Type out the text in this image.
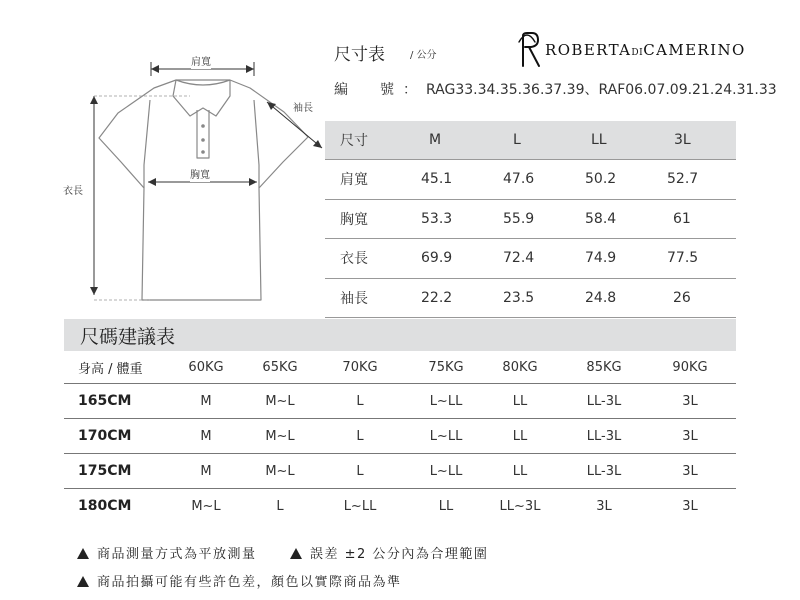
肩寬
袖長
胸寬
衣長
尺寸表	/ 公分
編　號：RAG33.34.35.36.37.39、RAF06.07.09.21.24.31.33
ROBERTADICAMERINO
尺寸	M	L	LL	3L
肩寬	45.1	47.6	50.2	52.7
胸寬	53.3	55.9	58.4	61
衣長	69.9	72.4	74.9	77.5
袖長	22.2	23.5	24.8	26
尺碼建議表
身高 / 體重	60KG	65KG	70KG	75KG	80KG	85KG	90KG
165CM	M	M~L	L	L~LL	LL	LL-3L	3L
170CM	M	M~L	L	L~LL	LL	LL-3L	3L
175CM	M	M~L	L	L~LL	LL	LL-3L	3L
180CM	M~L	L	L~LL	LL	LL~3L	3L	3L
商品測量方式為平放測量	誤差 ±2 公分內為合理範圍
商品拍攝可能有些許色差，顏色以實際商品為準
